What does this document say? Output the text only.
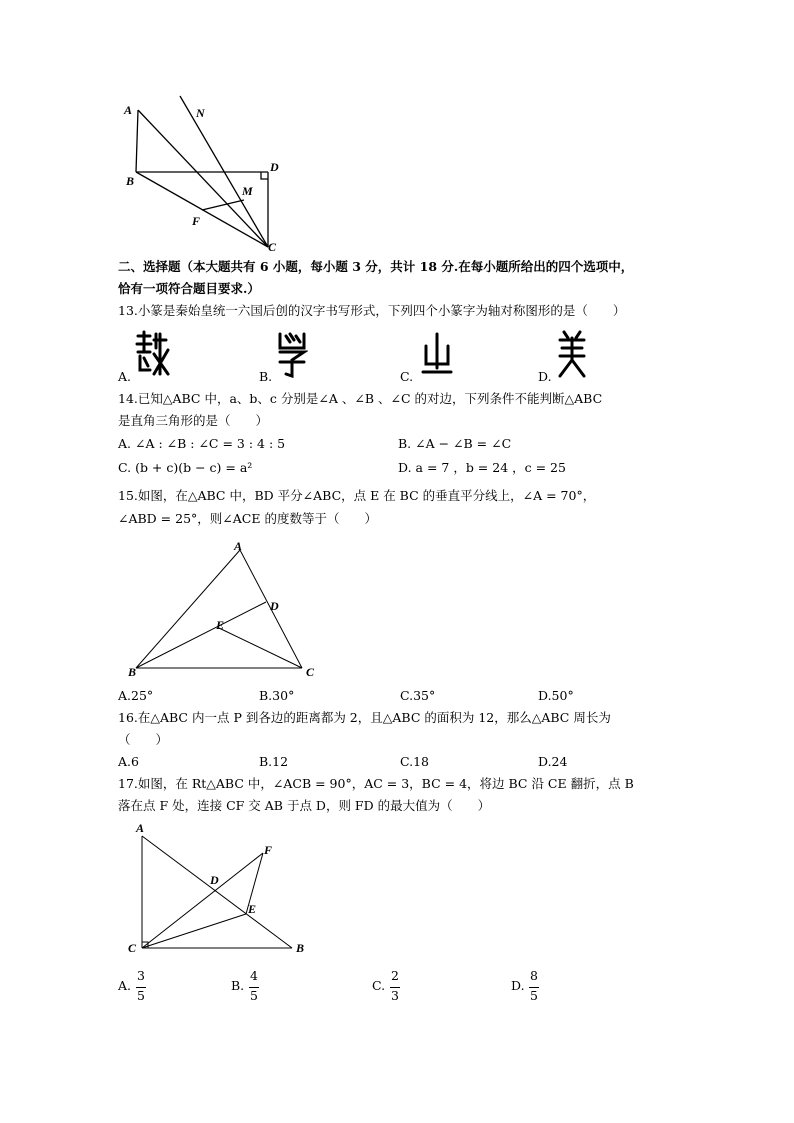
A	N
D
B
M
F
C
二、选择题（本大题共有 6 小题，每小题 3 分，共计 18 分.在每小题所给出的四个选项中，
恰有一项符合题目要求.）
13.小篆是秦始皇统一六国后创的汉字书写形式，下列四个小篆字为轴对称图形的是（　　）
A.	B.	C.	D.
14.已知△ABC 中，a、b、c 分别是∠A 、∠B 、∠C 的对边，下列条件不能判断△ABC
是直角三角形的是（　　）
A. ∠A : ∠B : ∠C = 3 : 4 : 5	B. ∠A − ∠B = ∠C
C. (b + c)(b − c) = a²	D. a = 7 ，b = 24 ，c = 25
15.如图，在△ABC 中，BD 平分∠ABC，点 E 在 BC 的垂直平分线上，∠A = 70°，
∠ABD = 25°，则∠ACE 的度数等于（　　）
A
D
E
B	C
A.25°	B.30°	C.35°	D.50°
16.在△ABC 内一点 P 到各边的距离都为 2，且△ABC 的面积为 12，那么△ABC 周长为
（　　）
A.6	B.12	C.18	D.24
17.如图，在 Rt△ABC 中，∠ACB = 90°，AC = 3，BC = 4，将边 BC 沿 CE 翻折，点 B
落在点 F 处，连接 CF 交 AB 于点 D，则 FD 的最大值为（　　）
A
F
D
E
C	B
A.
3
5
B.
4
5
C.
2
3
D.
8
5
